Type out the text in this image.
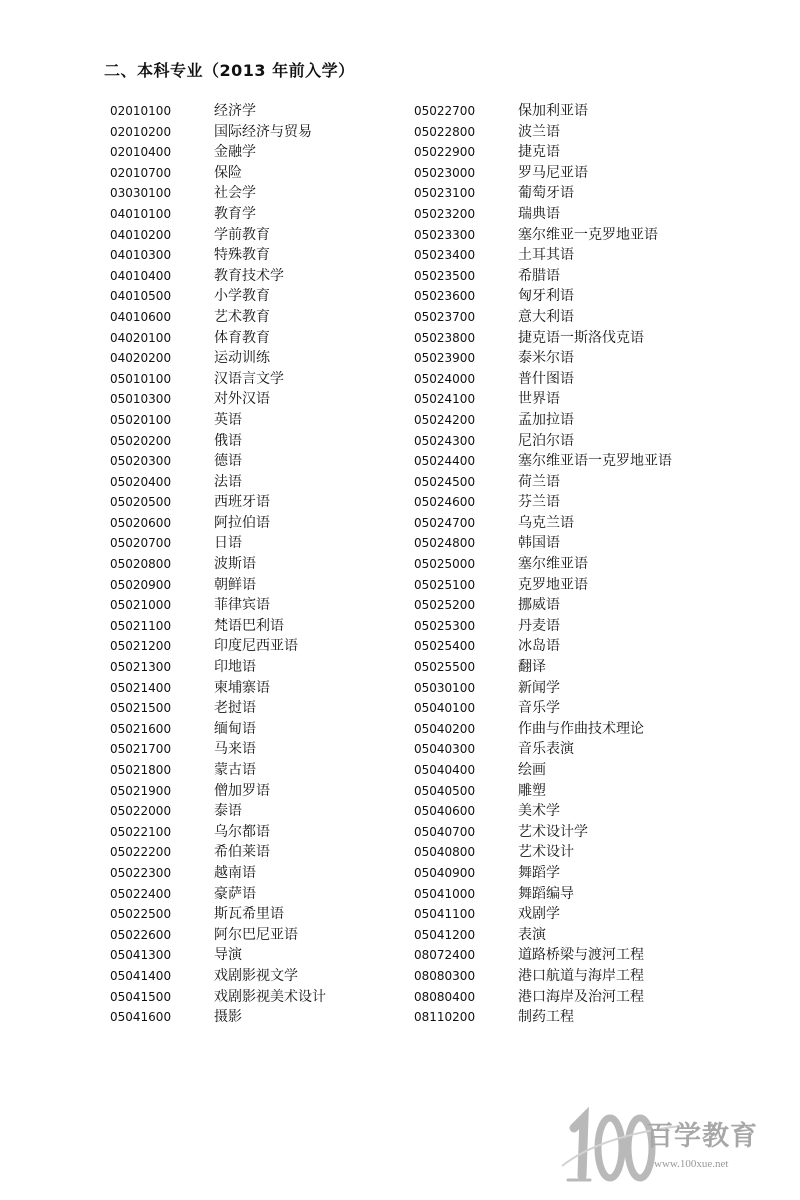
二、本科专业（2013 年前入学）
02010100	经济学
02010200	国际经济与贸易
02010400	金融学
02010700	保险
03030100	社会学
04010100	教育学
04010200	学前教育
04010300	特殊教育
04010400	教育技术学
04010500	小学教育
04010600	艺术教育
04020100	体育教育
04020200	运动训练
05010100	汉语言文学
05010300	对外汉语
05020100	英语
05020200	俄语
05020300	德语
05020400	法语
05020500	西班牙语
05020600	阿拉伯语
05020700	日语
05020800	波斯语
05020900	朝鲜语
05021000	菲律宾语
05021100	梵语巴利语
05021200	印度尼西亚语
05021300	印地语
05021400	柬埔寨语
05021500	老挝语
05021600	缅甸语
05021700	马来语
05021800	蒙古语
05021900	僧加罗语
05022000	泰语
05022100	乌尔都语
05022200	希伯莱语
05022300	越南语
05022400	豪萨语
05022500	斯瓦希里语
05022600	阿尔巴尼亚语
05041300	导演
05041400	戏剧影视文学
05041500	戏剧影视美术设计
05041600	摄影
05022700	保加利亚语
05022800	波兰语
05022900	捷克语
05023000	罗马尼亚语
05023100	葡萄牙语
05023200	瑞典语
05023300	塞尔维亚一克罗地亚语
05023400	土耳其语
05023500	希腊语
05023600	匈牙利语
05023700	意大利语
05023800	捷克语一斯洛伐克语
05023900	泰米尔语
05024000	普什图语
05024100	世界语
05024200	孟加拉语
05024300	尼泊尔语
05024400	塞尔维亚语一克罗地亚语
05024500	荷兰语
05024600	芬兰语
05024700	乌克兰语
05024800	韩国语
05025000	塞尔维亚语
05025100	克罗地亚语
05025200	挪威语
05025300	丹麦语
05025400	冰岛语
05025500	翻译
05030100	新闻学
05040100	音乐学
05040200	作曲与作曲技术理论
05040300	音乐表演
05040400	绘画
05040500	雕塑
05040600	美术学
05040700	艺术设计学
05040800	艺术设计
05040900	舞蹈学
05041000	舞蹈编导
05041100	戏剧学
05041200	表演
08072400	道路桥梁与渡河工程
08080300	港口航道与海岸工程
08080400	港口海岸及治河工程
08110200	制药工程
百学教育
www.100xue.net
